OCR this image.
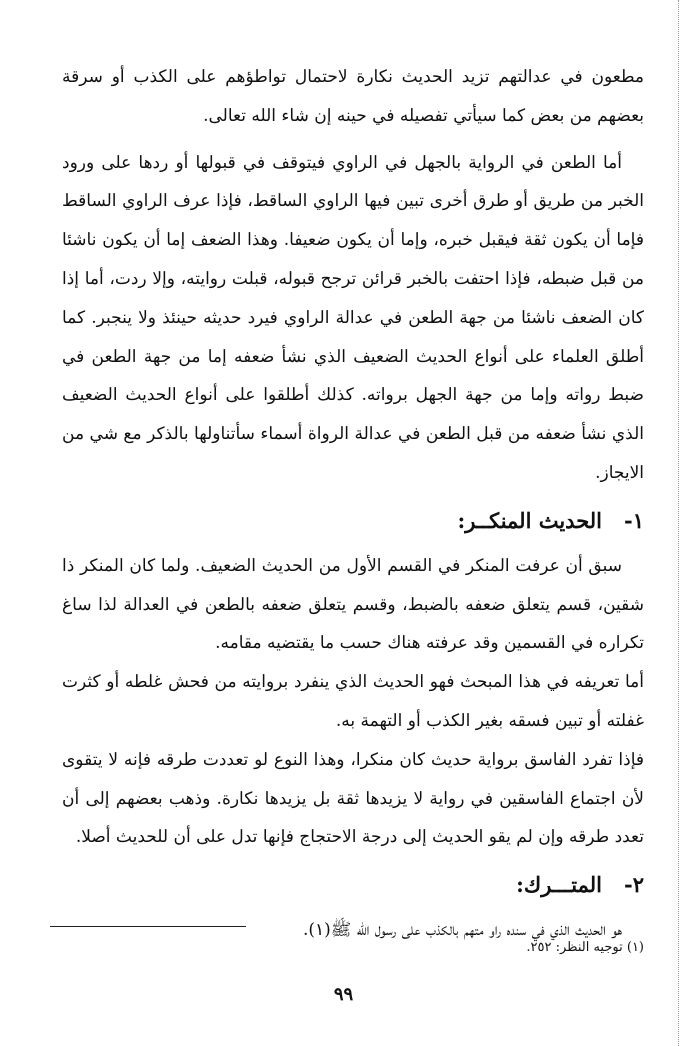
مطعون في عدالتهم تزيد الحديث نكارة لاحتمال تواطؤهم على الكذب أو سرقة بعضهم من بعض كما سيأتي تفصيله في حينه إن شاء الله تعالى.

أما الطعن في الرواية بالجهل في الراوي فيتوقف في قبولها أو ردها على ورود الخبر من طريق أو طرق أخرى تبين فيها الراوي الساقط، فإذا عرف الراوي الساقط فإما أن يكون ثقة فيقبل خبره، وإما أن يكون ضعيفا. وهذا الضعف إما أن يكون ناشئا من قبل ضبطه، فإذا احتفت بالخبر قرائن ترجح قبوله، قبلت روايته، وإلا ردت، أما إذا كان الضعف ناشئا من جهة الطعن في عدالة الراوي فيرد حديثه حينئذ ولا ينجبر. كما أطلق العلماء على أنواع الحديث الضعيف الذي نشأ ضعفه إما من جهة الطعن في ضبط رواته وإما من جهة الجهل برواته. كذلك أطلقوا على أنواع الحديث الضعيف الذي نشأ ضعفه من قبل الطعن في عدالة الرواة أسماء سأتناولها بالذكر مع شي من الايجاز.

١-الحديث المنكــر:

سبق أن عرفت المنكر في القسم الأول من الحديث الضعيف. ولما كان المنكر ذا شقين، قسم يتعلق ضعفه بالضبط، وقسم يتعلق ضعفه بالطعن في العدالة لذا ساغ تكراره في القسمين وقد عرفته هناك حسب ما يقتضيه مقامه.

أما تعريفه في هذا المبحث فهو الحديث الذي ينفرد بروايته من فحش غلطه أو كثرت غفلته أو تبين فسقه بغير الكذب أو التهمة به.

فإذا تفرد الفاسق برواية حديث كان منكرا، وهذا النوع لو تعددت طرقه فإنه لا يتقوى لأن اجتماع الفاسقين في رواية لا يزيدها ثقة بل يزيدها نكارة. وذهب بعضهم إلى أن تعدد طرقه وإن لم يقو الحديث إلى درجة الاحتجاج فإنها تدل على أن للحديث أصلا.

٢-المتـــرك:

هو الحديث الذي في سنده راو متهم بالكذب على رسول الله ﷺ(١).

(١) توجيه النظر: ٢٥٢.
٩٩
